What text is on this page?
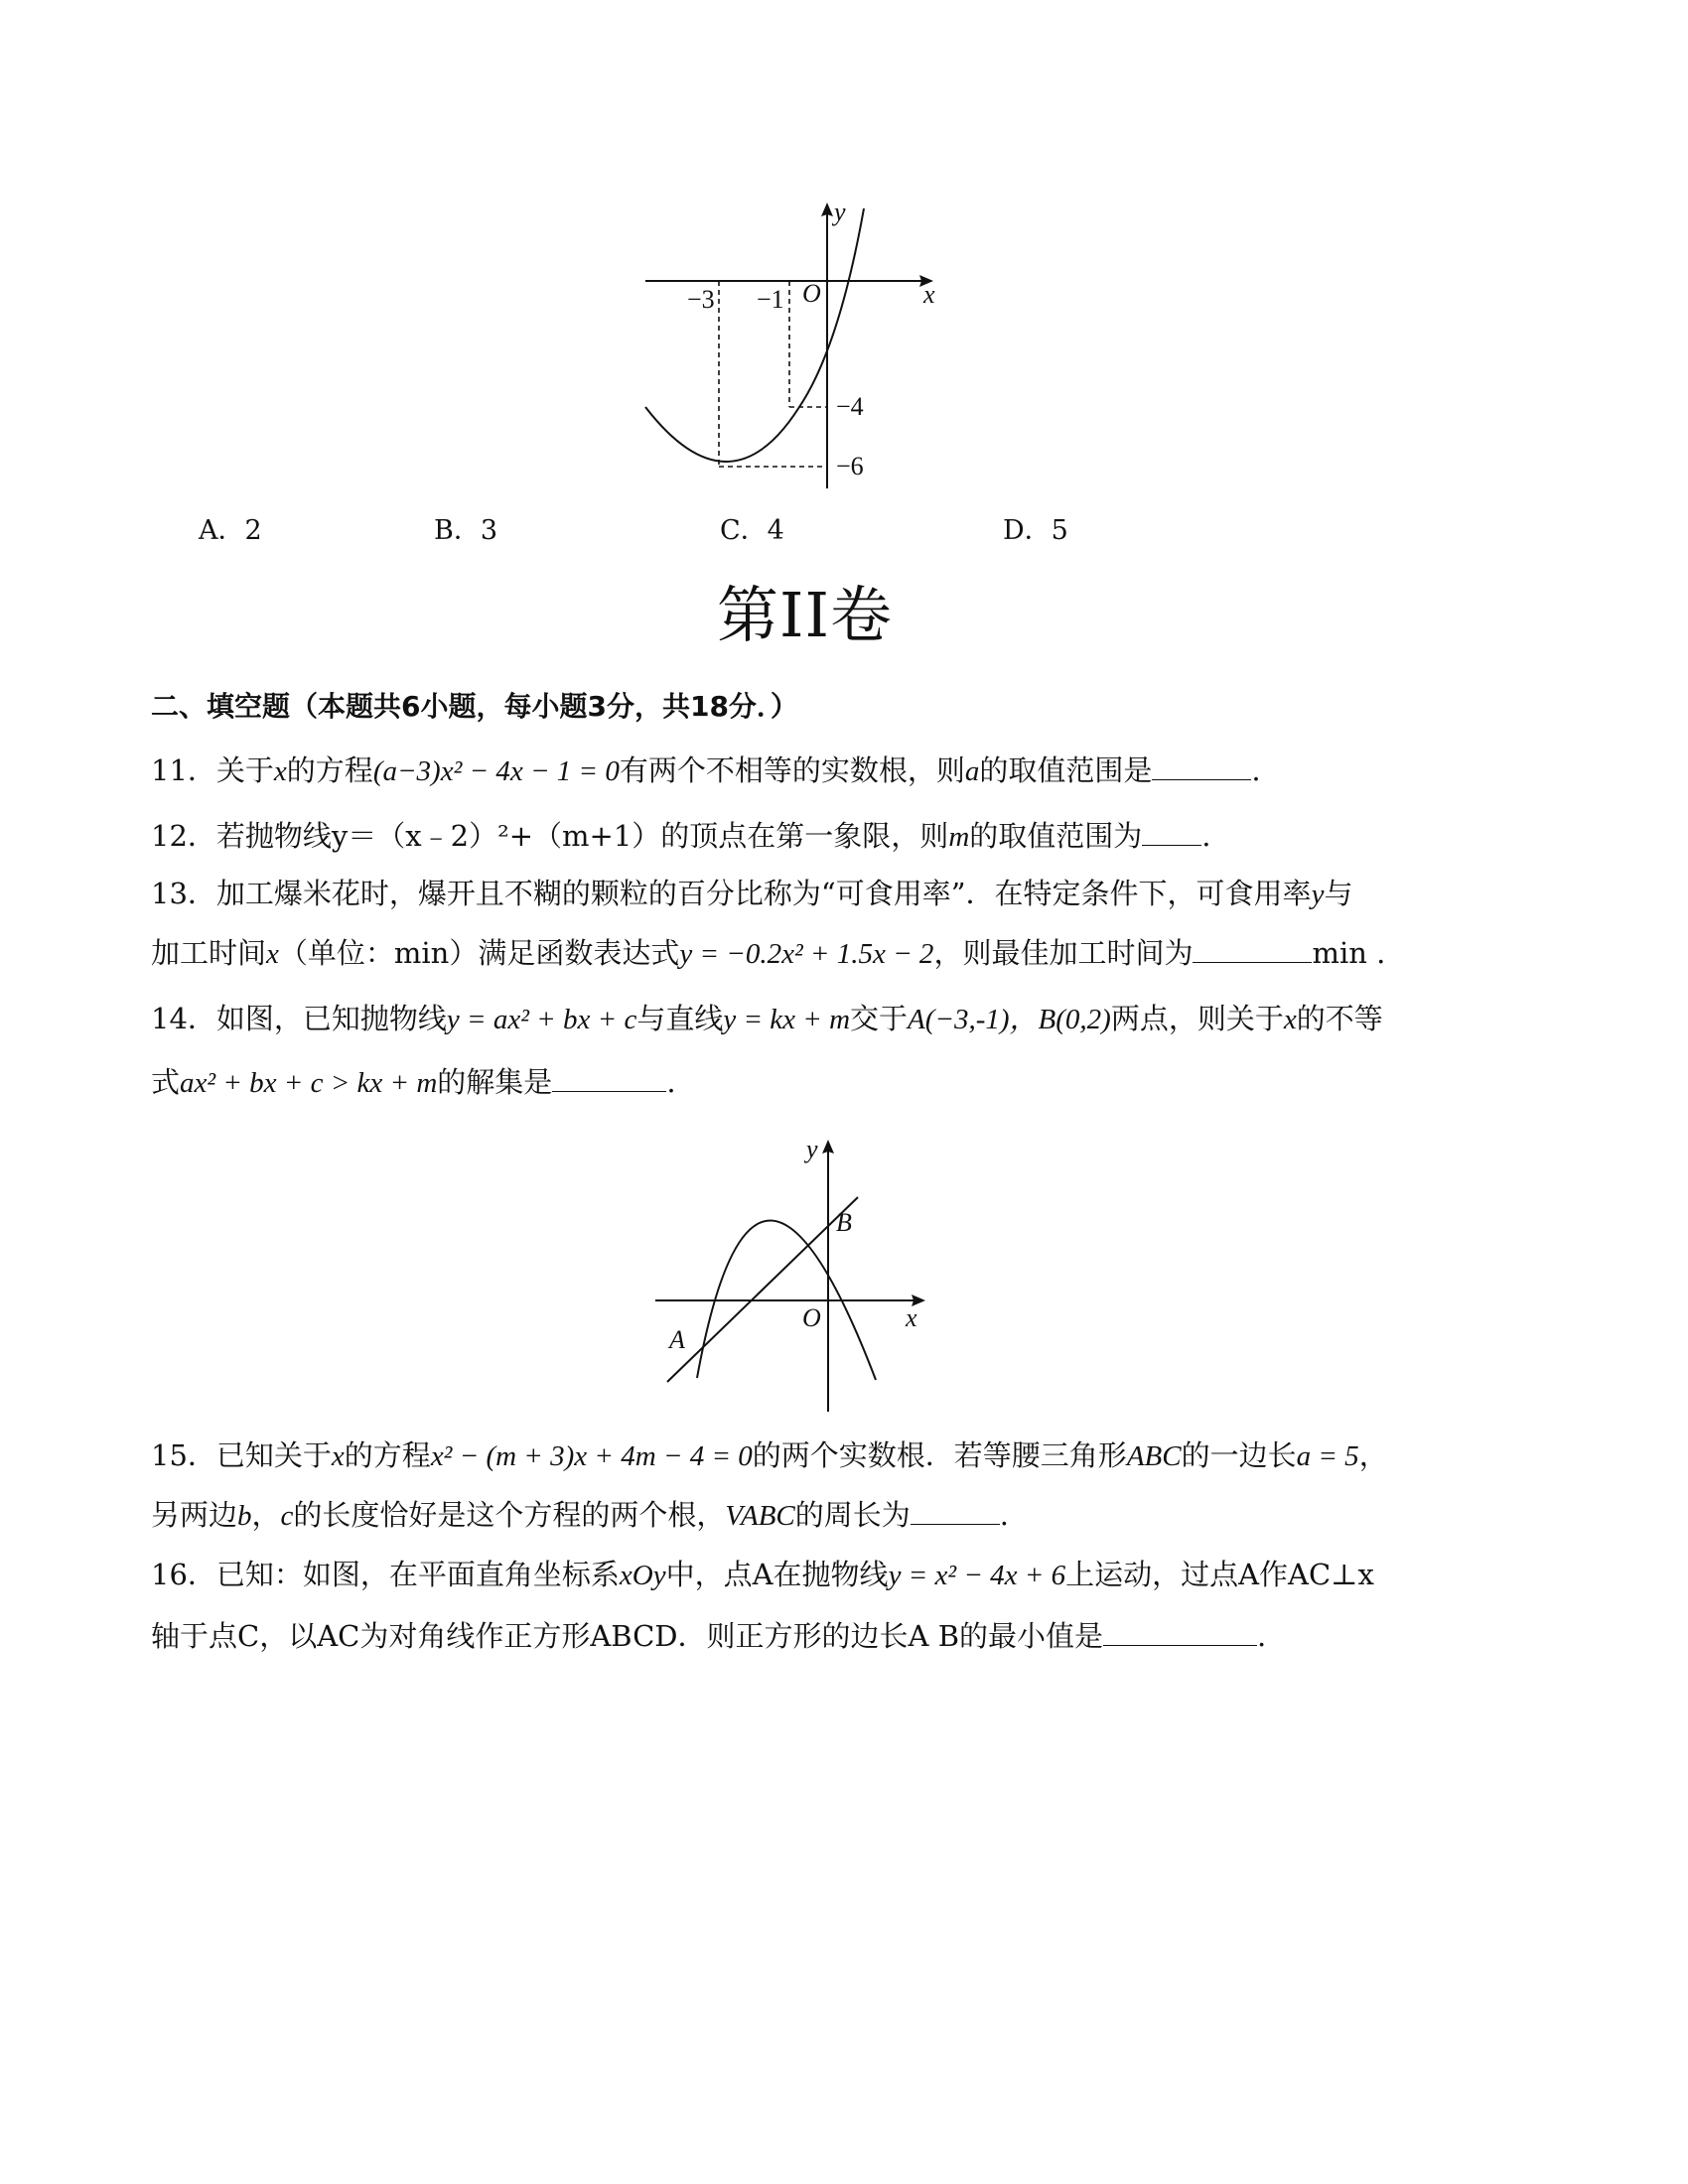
x
y
O
−3 −1
−4
−6
A．2	B．3	C．4	D．5
第II卷
二、填空题（本题共6小题，每小题3分，共18分．）
11．关于x的方程(a−3)x² − 4x − 1 = 0有两个不相等的实数根，则a的取值范围是	.
12．若抛物线y＝（x﹣2）²+（m+1）的顶点在第一象限，则m的取值范围为 .
13．加工爆米花时，爆开且不糊的颗粒的百分比称为“可食用率”．在特定条件下，可食用率y与
加工时间x（单位：min）满足函数表达式y = −0.2x² + 1.5x − 2，则最佳加工时间为	min .
14．如图，已知抛物线y = ax² + bx + c与直线y = kx + m交于A(−3,-1)，B(0,2)两点，则关于x的不等
式ax² + bx + c > kx + m的解集是	.
x
y
O
A
B
15．已知关于x的方程x² − (m + 3)x + 4m − 4 = 0的两个实数根．若等腰三角形ABC的一边长a = 5，
另两边b，c的长度恰好是这个方程的两个根，VABC的周长为	.
16．已知：如图，在平面直角坐标系xOy中，点A在抛物线y = x² − 4x + 6上运动，过点A作AC⊥x
轴于点C，以AC为对角线作正方形ABCD．则正方形的边长A B的最小值是	.
